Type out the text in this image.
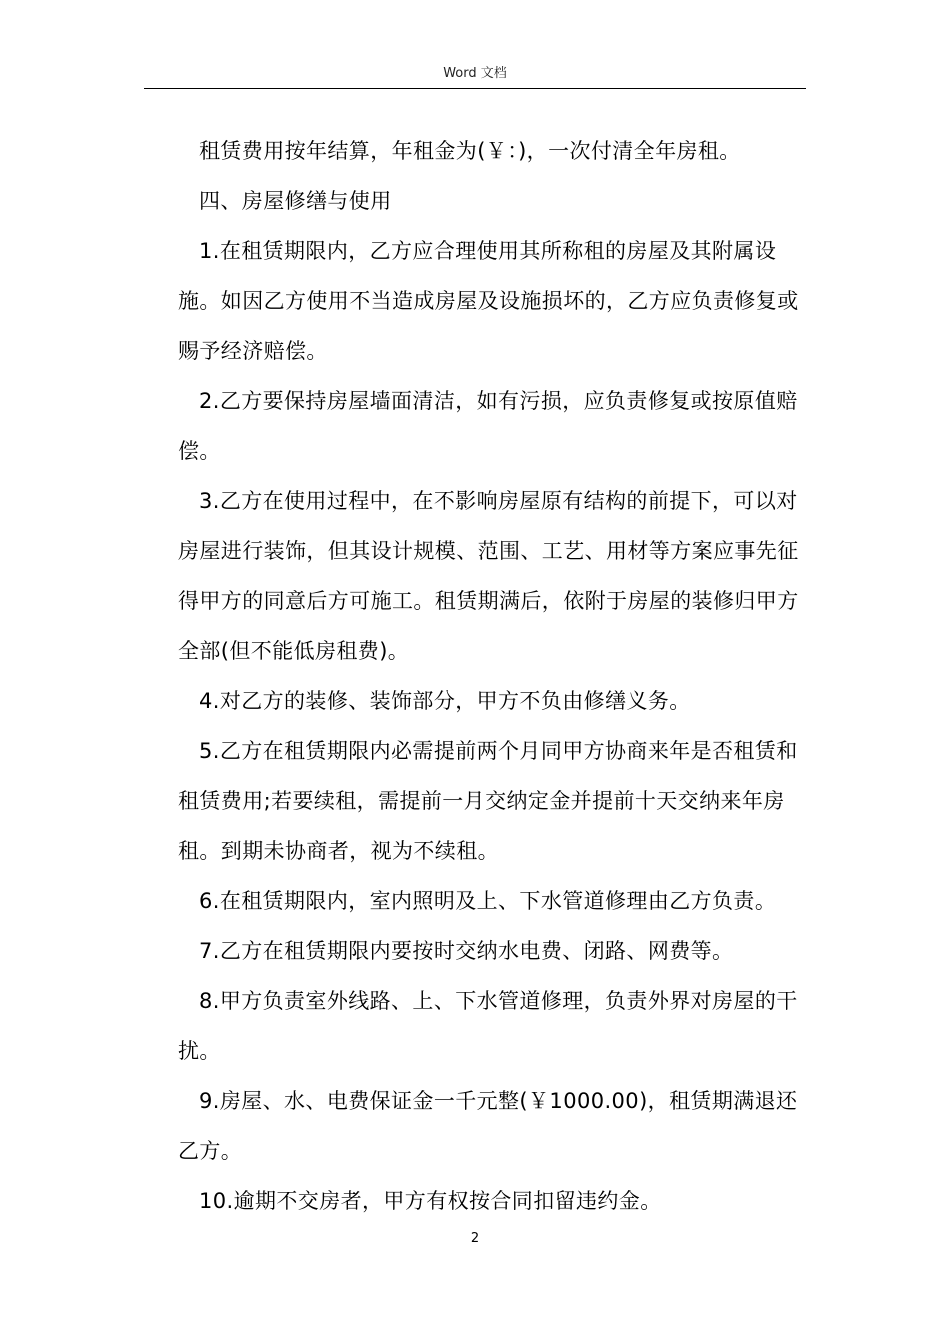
Word 文档

租赁费用按年结算，年租金为(￥：)，一次付清全年房租。

四、房屋修缮与使用

1.在租赁期限内，乙方应合理使用其所称租的房屋及其附属设施。如因乙方使用不当造成房屋及设施损坏的，乙方应负责修复或赐予经济赔偿。

2.乙方要保持房屋墙面清洁，如有污损，应负责修复或按原值赔偿。

3.乙方在使用过程中，在不影响房屋原有结构的前提下，可以对房屋进行装饰，但其设计规模、范围、工艺、用材等方案应事先征得甲方的同意后方可施工。租赁期满后，依附于房屋的装修归甲方全部(但不能低房租费)。

4.对乙方的装修、装饰部分，甲方不负由修缮义务。

5.乙方在租赁期限内必需提前两个月同甲方协商来年是否租赁和租赁费用;若要续租，需提前一月交纳定金并提前十天交纳来年房租。到期未协商者，视为不续租。

6.在租赁期限内，室内照明及上、下水管道修理由乙方负责。

7.乙方在租赁期限内要按时交纳水电费、闭路、网费等。

8.甲方负责室外线路、上、下水管道修理，负责外界对房屋的干扰。

9.房屋、水、电费保证金一千元整(￥1000.00)，租赁期满退还乙方。

10.逾期不交房者，甲方有权按合同扣留违约金。

2
